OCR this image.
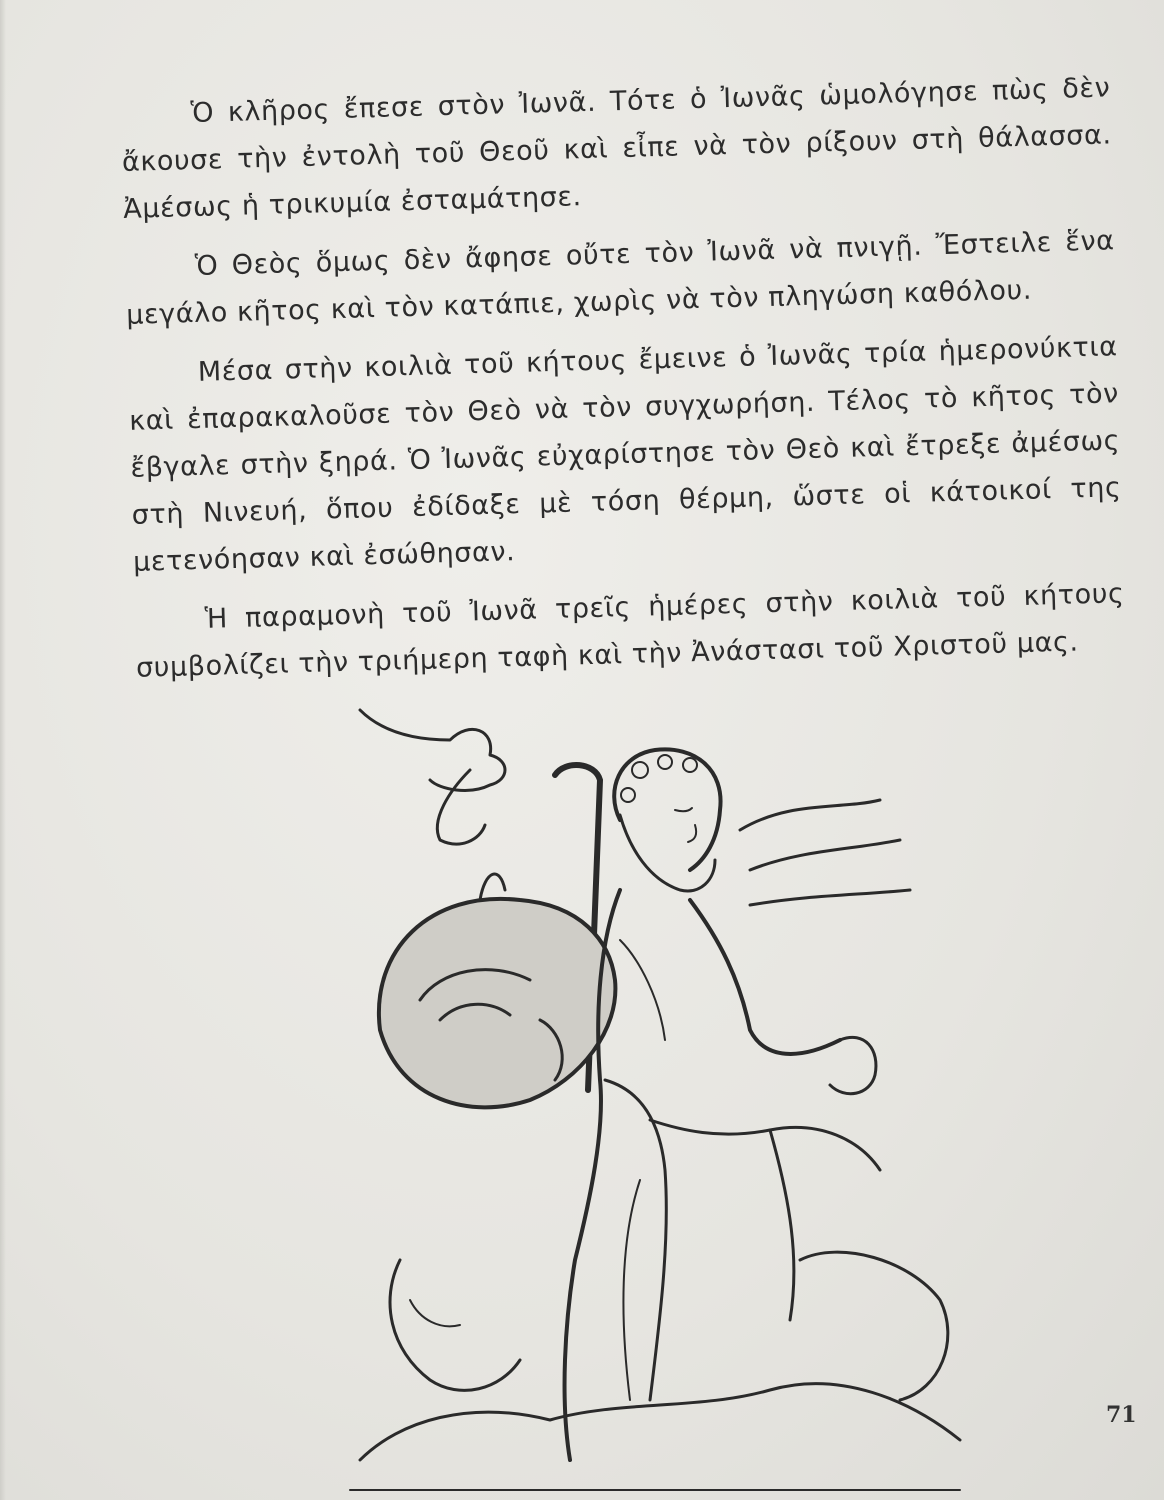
Ὁ κλῆρος ἔπεσε στὸν Ἰωνᾶ. Τότε ὁ Ἰωνᾶς ὡμολόγησε πὼς δὲν ἄκουσε τὴν ἐντολὴ τοῦ Θεοῦ καὶ εἶπε νὰ τὸν ρίξουν στὴ θάλασσα. Ἀμέσως ἡ τρικυμία ἐσταμάτησε.

Ὁ Θεὸς ὅμως δὲν ἄφησε οὔτε τὸν Ἰωνᾶ νὰ πνιγῇ. Ἔστειλε ἕνα μεγάλο κῆτος καὶ τὸν κατάπιε, χωρὶς νὰ τὸν πληγώση καθόλου.

Μέσα στὴν κοιλιὰ τοῦ κήτους ἔμεινε ὁ Ἰωνᾶς τρία ἡμερονύκτια καὶ ἐπαρακαλοῦσε τὸν Θεὸ νὰ τὸν συγχωρήση. Τέλος τὸ κῆτος τὸν ἔβγαλε στὴν ξηρά. Ὁ Ἰωνᾶς εὐχαρίστησε τὸν Θεὸ καὶ ἔτρεξε ἀμέσως στὴ Νινευή, ὅπου ἐδίδαξε μὲ τόση θέρμη, ὥστε οἱ κάτοικοί της μετενόησαν καὶ ἐσώθησαν.

Ἡ παραμονὴ τοῦ Ἰωνᾶ τρεῖς ἡμέρες στὴν κοιλιὰ τοῦ κήτους συμβολίζει τὴν τριήμερη ταφὴ καὶ τὴν Ἀνάστασι τοῦ Χριστοῦ μας.

71
